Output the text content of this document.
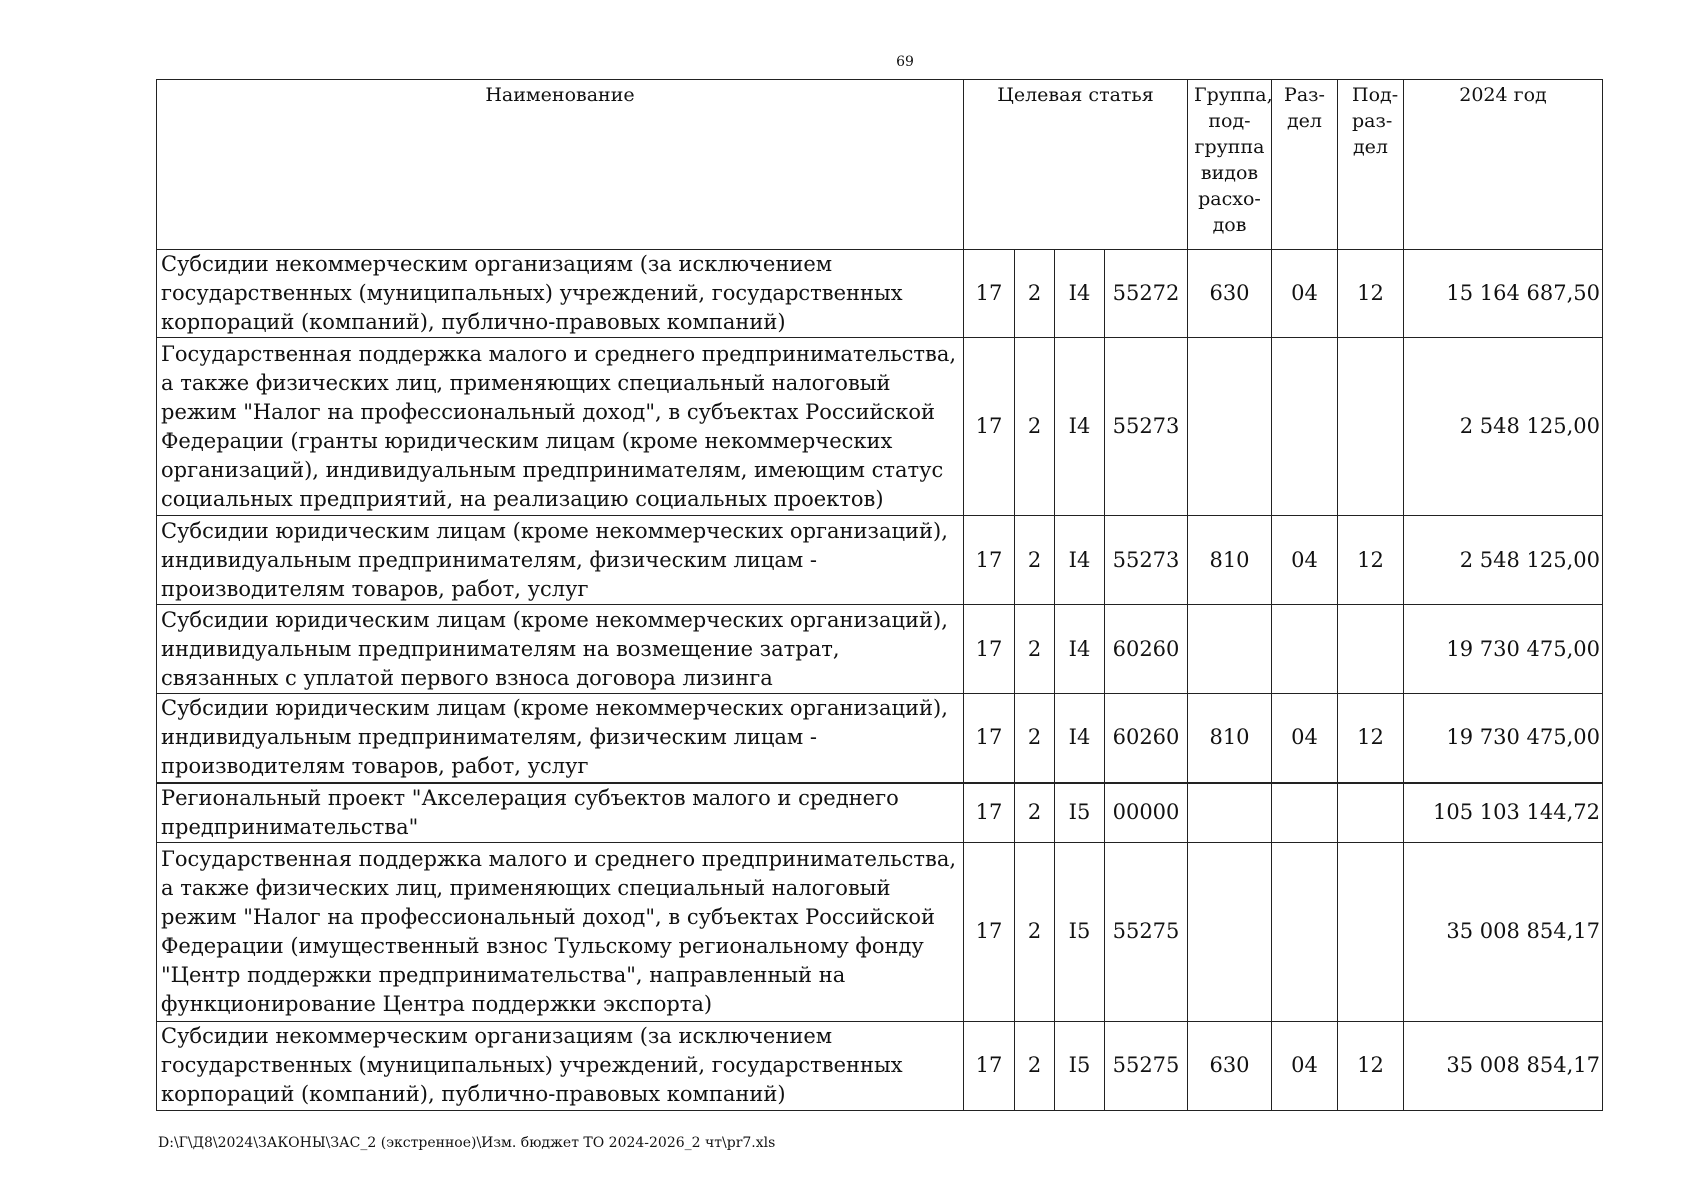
69
Наименование	Целевая статья				Группа, под-группа видов расхо-дов	Раз-дел	Под-раз-дел	2024 год
Субсидии некоммерческим организациям (за исключением государственных (муниципальных) учреждений, государственных корпораций (компаний), публично-правовых компаний)	17	2	I4	55272	630	04	12	15 164 687,50
Государственная поддержка малого и среднего предпринимательства, а также физических лиц, применяющих специальный налоговый режим "Налог на профессиональный доход", в субъектах Российской Федерации (гранты юридическим лицам (кроме некоммерческих организаций), индивидуальным предпринимателям, имеющим статус социальных предприятий, на реализацию социальных проектов)	17	2	I4	55273				2 548 125,00
Субсидии юридическим лицам (кроме некоммерческих организаций), индивидуальным предпринимателям, физическим лицам - производителям товаров, работ, услуг	17	2	I4	55273	810	04	12	2 548 125,00
Субсидии юридическим лицам (кроме некоммерческих организаций), индивидуальным предпринимателям на возмещение затрат, связанных с уплатой первого взноса договора лизинга	17	2	I4	60260				19 730 475,00
Субсидии юридическим лицам (кроме некоммерческих организаций), индивидуальным предпринимателям, физическим лицам - производителям товаров, работ, услуг	17	2	I4	60260	810	04	12	19 730 475,00
Региональный проект "Акселерация субъектов малого и среднего предпринимательства"	17	2	I5	00000				105 103 144,72
Государственная поддержка малого и среднего предпринимательства, а также физических лиц, применяющих специальный налоговый режим "Налог на профессиональный доход", в субъектах Российской Федерации (имущественный взнос Тульскому региональному фонду "Центр поддержки предпринимательства", направленный на функционирование Центра поддержки экспорта)	17	2	I5	55275				35 008 854,17
Субсидии некоммерческим организациям (за исключением государственных (муниципальных) учреждений, государственных корпораций (компаний), публично-правовых компаний)	17	2	I5	55275	630	04	12	35 008 854,17
D:\Г\Д8\2024\ЗАКОНЫ\ЗАС_2 (экстренное)\Изм. бюджет ТО 2024-2026_2 чт\pr7.xls
